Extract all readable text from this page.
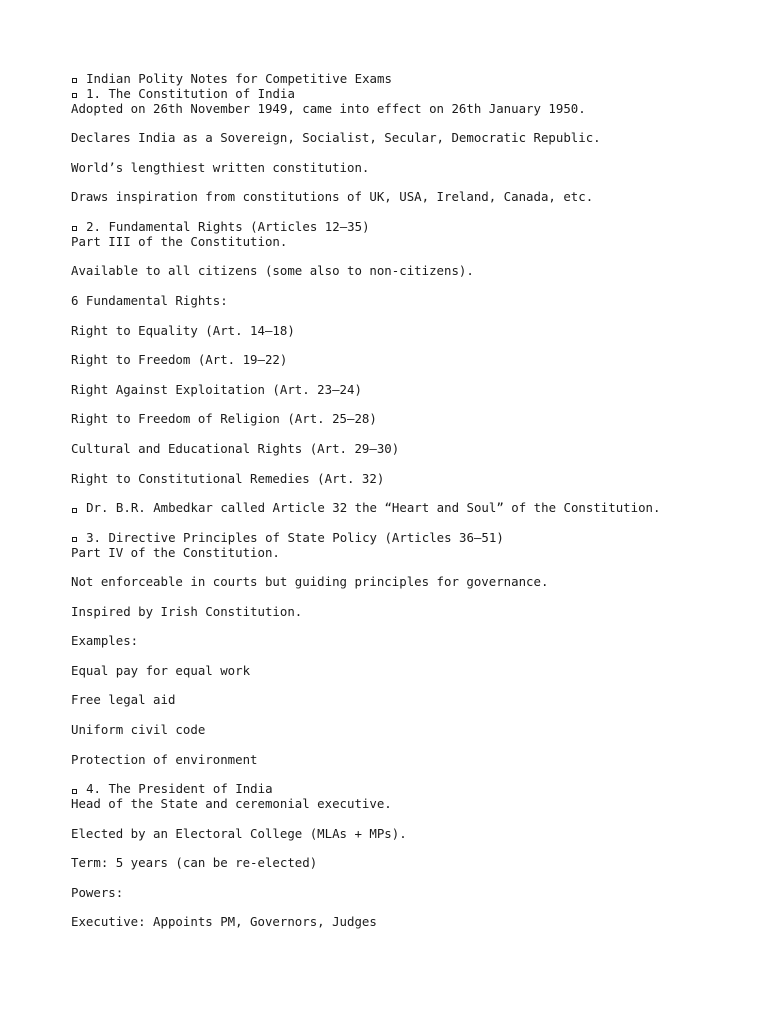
Indian Polity Notes for Competitive Exams
1. The Constitution of India
Adopted on 26th November 1949, came into effect on 26th January 1950.
Declares India as a Sovereign, Socialist, Secular, Democratic Republic.
World’s lengthiest written constitution.
Draws inspiration from constitutions of UK, USA, Ireland, Canada, etc.
2. Fundamental Rights (Articles 12–35)
Part III of the Constitution.
Available to all citizens (some also to non-citizens).
6 Fundamental Rights:
Right to Equality (Art. 14–18)
Right to Freedom (Art. 19–22)
Right Against Exploitation (Art. 23–24)
Right to Freedom of Religion (Art. 25–28)
Cultural and Educational Rights (Art. 29–30)
Right to Constitutional Remedies (Art. 32)
Dr. B.R. Ambedkar called Article 32 the “Heart and Soul” of the Constitution.
3. Directive Principles of State Policy (Articles 36–51)
Part IV of the Constitution.
Not enforceable in courts but guiding principles for governance.
Inspired by Irish Constitution.
Examples:
Equal pay for equal work
Free legal aid
Uniform civil code
Protection of environment
4. The President of India
Head of the State and ceremonial executive.
Elected by an Electoral College (MLAs + MPs).
Term: 5 years (can be re-elected)
Powers:
Executive: Appoints PM, Governors, Judges
